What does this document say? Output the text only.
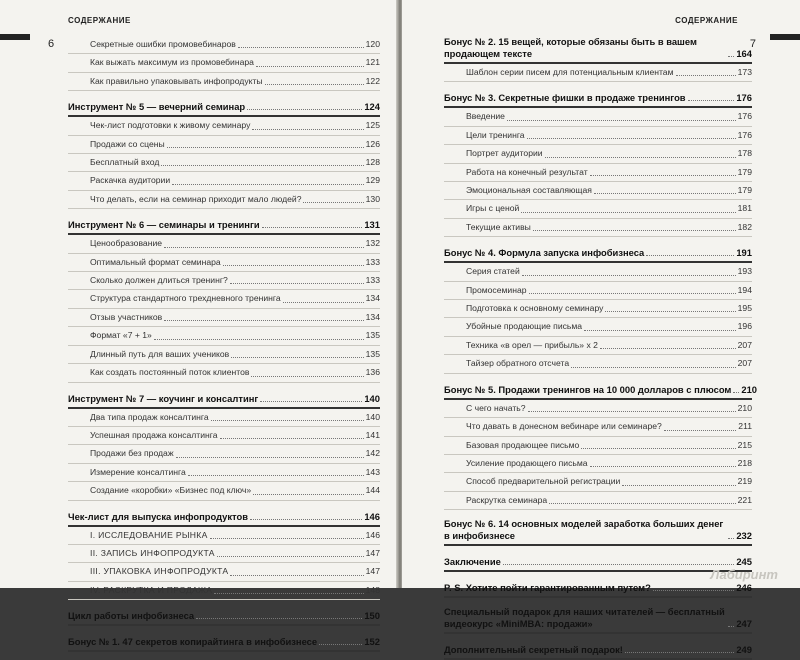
СОДЕРЖАНИЕ
6	Секретные ошибки промовебинаров	120
Как выжать максимум из промовебинара	121
Как правильно упаковывать инфопродукты	122
Инструмент № 5 — вечерний семинар	124
Чек-лист подготовки к живому семинару	125
Продажи со сцены	126
Бесплатный вход	128
Раскачка аудитории	129
Что делать, если на семинар приходит мало людей?	130
Инструмент № 6 — семинары и тренинги	131
Ценообразование	132
Оптимальный формат семинара	133
Сколько должен длиться тренинг?	133
Структура стандартного трехдневного тренинга	134
Отзыв участников	134
Формат «7 + 1»	135
Длинный путь для ваших учеников	135
Как создать постоянный поток клиентов	136
Инструмент № 7 — коучинг и консалтинг	140
Два типа продаж консалтинга	140
Успешная продажа консалтинга	141
Продажи без продаж	142
Измерение консалтинга	143
Создание «коробки» «Бизнес под ключ»	144
Чек-лист для выпуска инфопродуктов	146
I. ИССЛЕДОВАНИЕ РЫНКА	146
II. ЗАПИСЬ ИНФОПРОДУКТА	147
III. УПАКОВКА ИНФОПРОДУКТА	147
IV. РАСКРУТКА И ПРОДАЖА	148
Цикл работы инфобизнеса	150
Бонус № 1. 47 секретов копирайтинга в инфобизнесе	152
СОДЕРЖАНИЕ
7
Бонус № 2. 15 вещей, которые обязаны быть в вашем продающем тексте	164
Шаблон серии писем для потенциальным клиентам	173
Бонус № 3. Секретные фишки в продаже тренингов	176
Введение	176
Цели тренинга	176
Портрет аудитории	178
Работа на конечный результат	179
Эмоциональная составляющая	179
Игры с ценой	181
Текущие активы	182
Бонус № 4. Формула запуска инфобизнеса	191
Серия статей	193
Промосеминар	194
Подготовка к основному семинару	195
Убойные продающие письма	196
Техника «в орел — прибыль» х 2	207
Тайзер обратного отсчета	207
Бонус № 5. Продажи тренингов на 10 000 долларов с плюсом 210
С чего начать?	210
Что давать в донесном вебинаре или семинаре?	211
Базовая продающее письмо	215
Усиление продающего письма	218
Способ предварительной регистрации	219
Раскрутка семинара	221
Бонус № 6. 14 основных моделей заработка больших денег в инфобизнесе	232
Заключение	245
P. S. Хотите пойти гарантированным путем?	246
Специальный подарок для наших читателей — бесплатный видеокурс «MiniMBA: продажи»	247
Дополнительный секретный подарок!	249
Лабиринт
